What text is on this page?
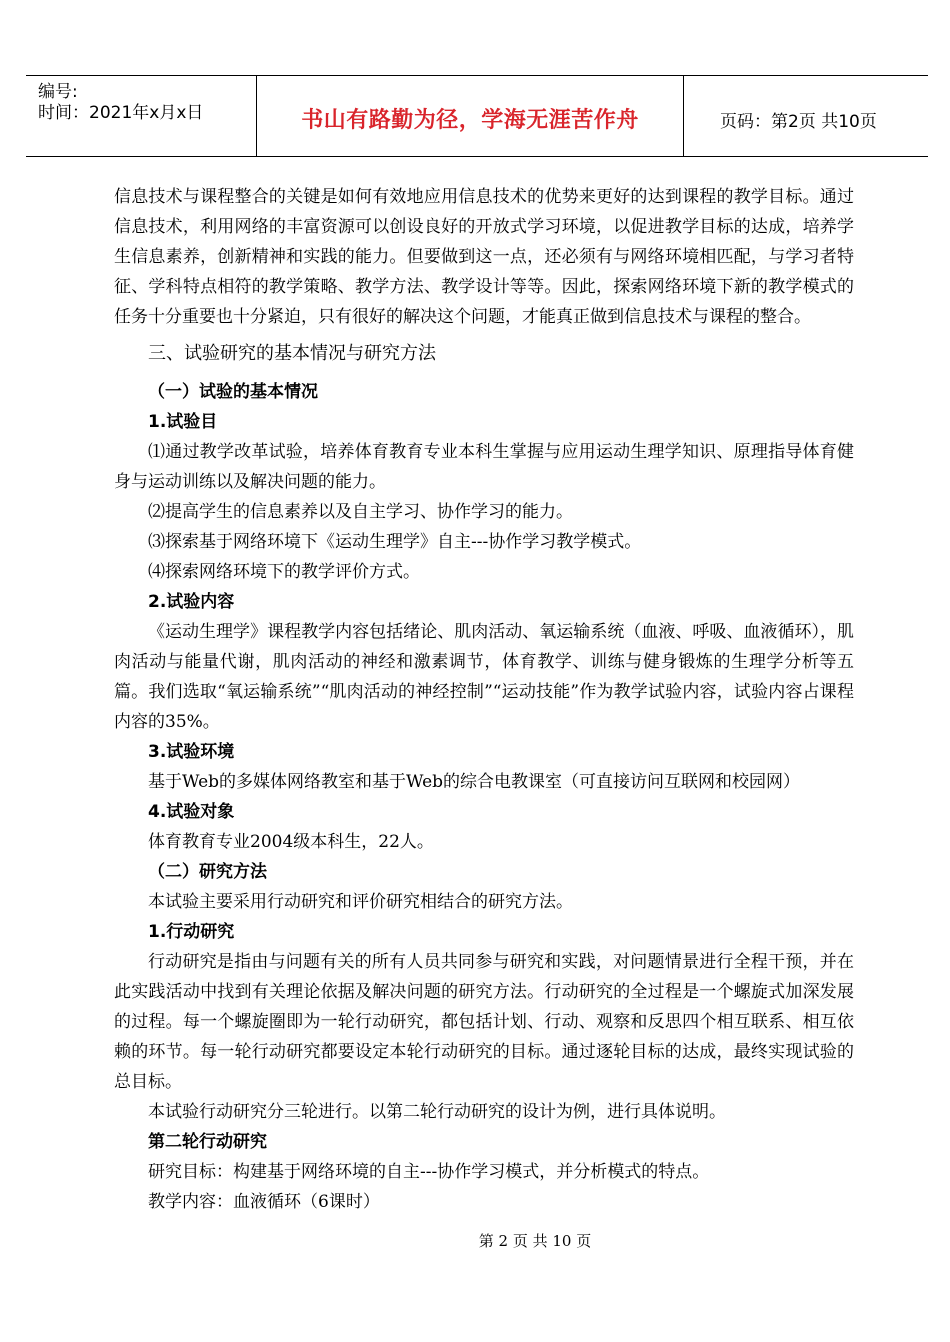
编号:
时间：2021年x月x日	书山有路勤为径，学海无涯苦作舟	页码：第2页 共10页

信息技术与课程整合的关键是如何有效地应用信息技术的优势来更好的达到课程的教学目标。通过信息技术，利用网络的丰富资源可以创设良好的开放式学习环境，以促进教学目标的达成，培养学生信息素养，创新精神和实践的能力。但要做到这一点，还必须有与网络环境相匹配，与学习者特征、学科特点相符的教学策略、教学方法、教学设计等等。因此，探索网络环境下新的教学模式的任务十分重要也十分紧迫，只有很好的解决这个问题，才能真正做到信息技术与课程的整合。

三、试验研究的基本情况与研究方法
（一）试验的基本情况
1.试验目

⑴通过教学改革试验，培养体育教育专业本科生掌握与应用运动生理学知识、原理指导体育健身与运动训练以及解决问题的能力。

⑵提高学生的信息素养以及自主学习、协作学习的能力。

⑶探索基于网络环境下《运动生理学》自主---协作学习教学模式。

⑷探索网络环境下的教学评价方式。

2.试验内容

《运动生理学》课程教学内容包括绪论、肌肉活动、氧运输系统（血液、呼吸、血液循环），肌肉活动与能量代谢，肌肉活动的神经和激素调节，体育教学、训练与健身锻炼的生理学分析等五篇。我们选取“氧运输系统”“肌肉活动的神经控制”“运动技能”作为教学试验内容，试验内容占课程内容的35%。

3.试验环境

基于Web的多媒体网络教室和基于Web的综合电教课室（可直接访问互联网和校园网）

4.试验对象

体育教育专业2004级本科生，22人。

（二）研究方法

本试验主要采用行动研究和评价研究相结合的研究方法。

1.行动研究

行动研究是指由与问题有关的所有人员共同参与研究和实践，对问题情景进行全程干预，并在此实践活动中找到有关理论依据及解决问题的研究方法。行动研究的全过程是一个螺旋式加深发展的过程。每一个螺旋圈即为一轮行动研究，都包括计划、行动、观察和反思四个相互联系、相互依赖的环节。每一轮行动研究都要设定本轮行动研究的目标。通过逐轮目标的达成，最终实现试验的总目标。

本试验行动研究分三轮进行。以第二轮行动研究的设计为例，进行具体说明。

第二轮行动研究

研究目标：构建基于网络环境的自主---协作学习模式，并分析模式的特点。

教学内容：血液循环（6课时）

第 2 页 共 10 页
